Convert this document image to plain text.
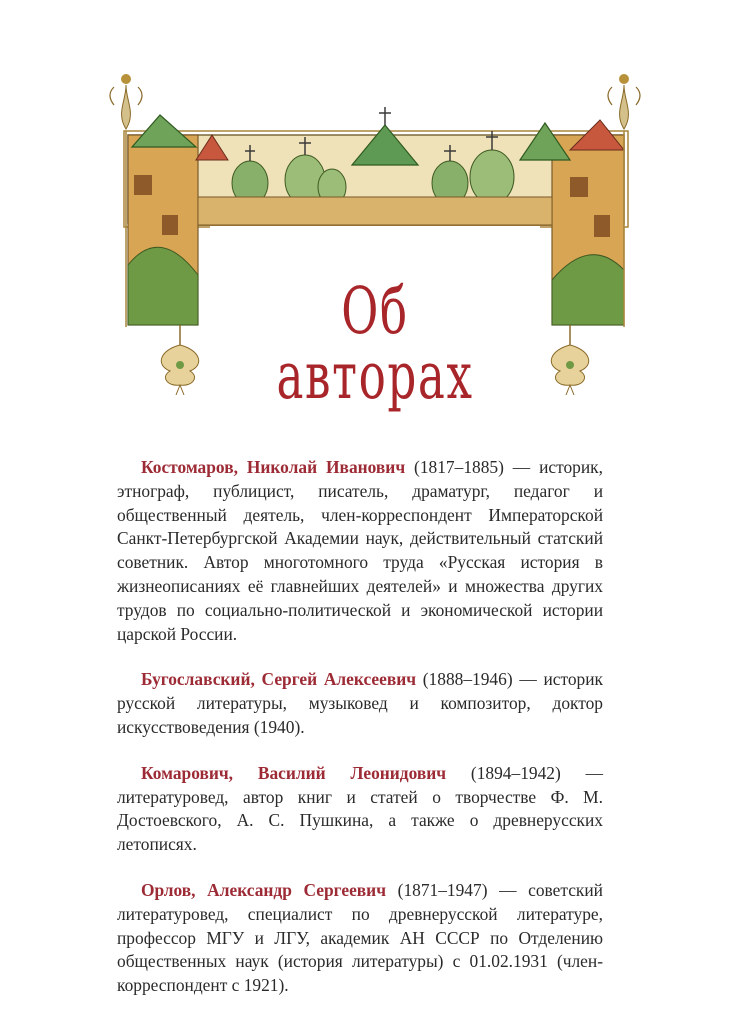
Об авторах

Костомаров, Николай Иванович (1817–1885) — историк, этнограф, публицист, писатель, драматург, педагог и общественный деятель, член-корреспондент Императорской Санкт-Петербургской Академии наук, действительный статский советник. Автор многотомного труда «Русская история в жизнеописаниях её главнейших деятелей» и множества других трудов по социально-политической и экономической истории царской России.

Бугославский, Сергей Алексеевич (1888–1946) — историк русской литературы, музыковед и композитор, доктор искусствоведения (1940).

Комарович, Василий Леонидович (1894–1942) — литературовед, автор книг и статей о творчестве Ф. М. Достоевского, А. С. Пушкина, а также о древнерусских летописях.

Орлов, Александр Сергеевич (1871–1947) — советский литературовед, специалист по древнерусской литературе, профессор МГУ и ЛГУ, академик АН СССР по Отделению общественных наук (история литературы) с 01.02.1931 (член-корреспондент с 1921).
